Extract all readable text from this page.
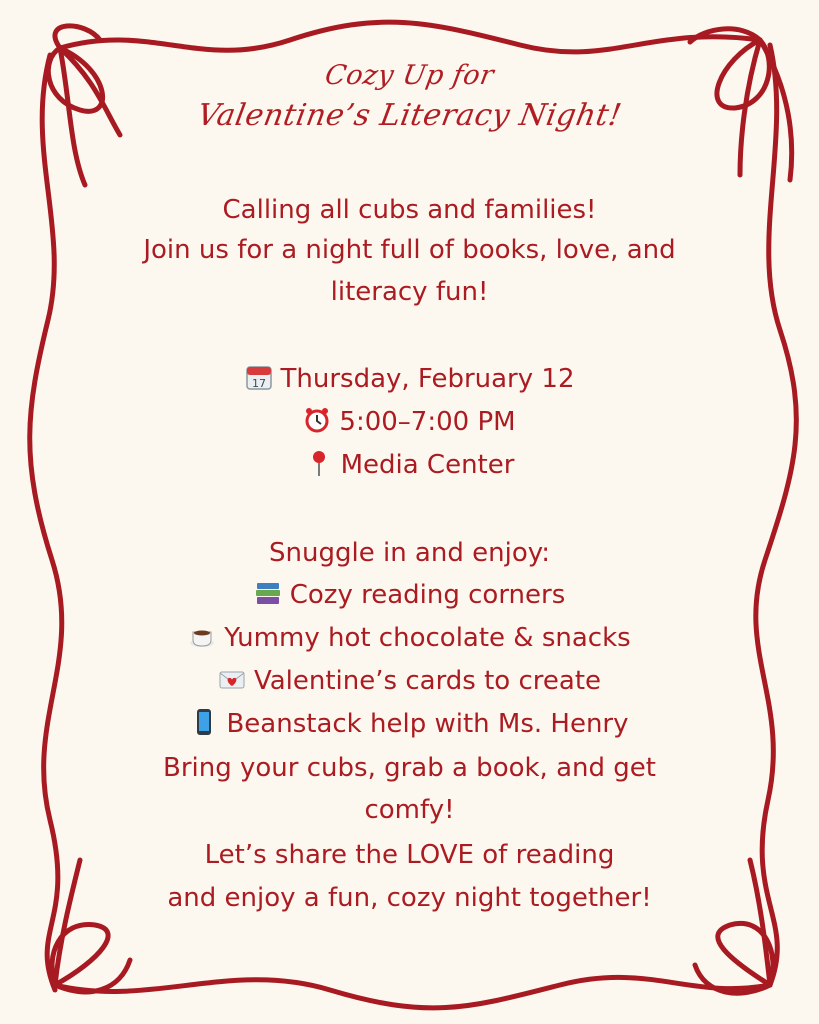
Cozy Up for
Valentine’s Literacy Night!
Calling all cubs and families!
Join us for a night full of books, love, and
literacy fun!
17 Thursday, February 12
5:00–7:00 PM
Media Center
Snuggle in and enjoy:
Cozy reading corners
Yummy hot chocolate & snacks
Valentine’s cards to create
Beanstack help with Ms. Henry
Bring your cubs, grab a book, and get
comfy!
Let’s share the LOVE of reading
and enjoy a fun, cozy night together!
